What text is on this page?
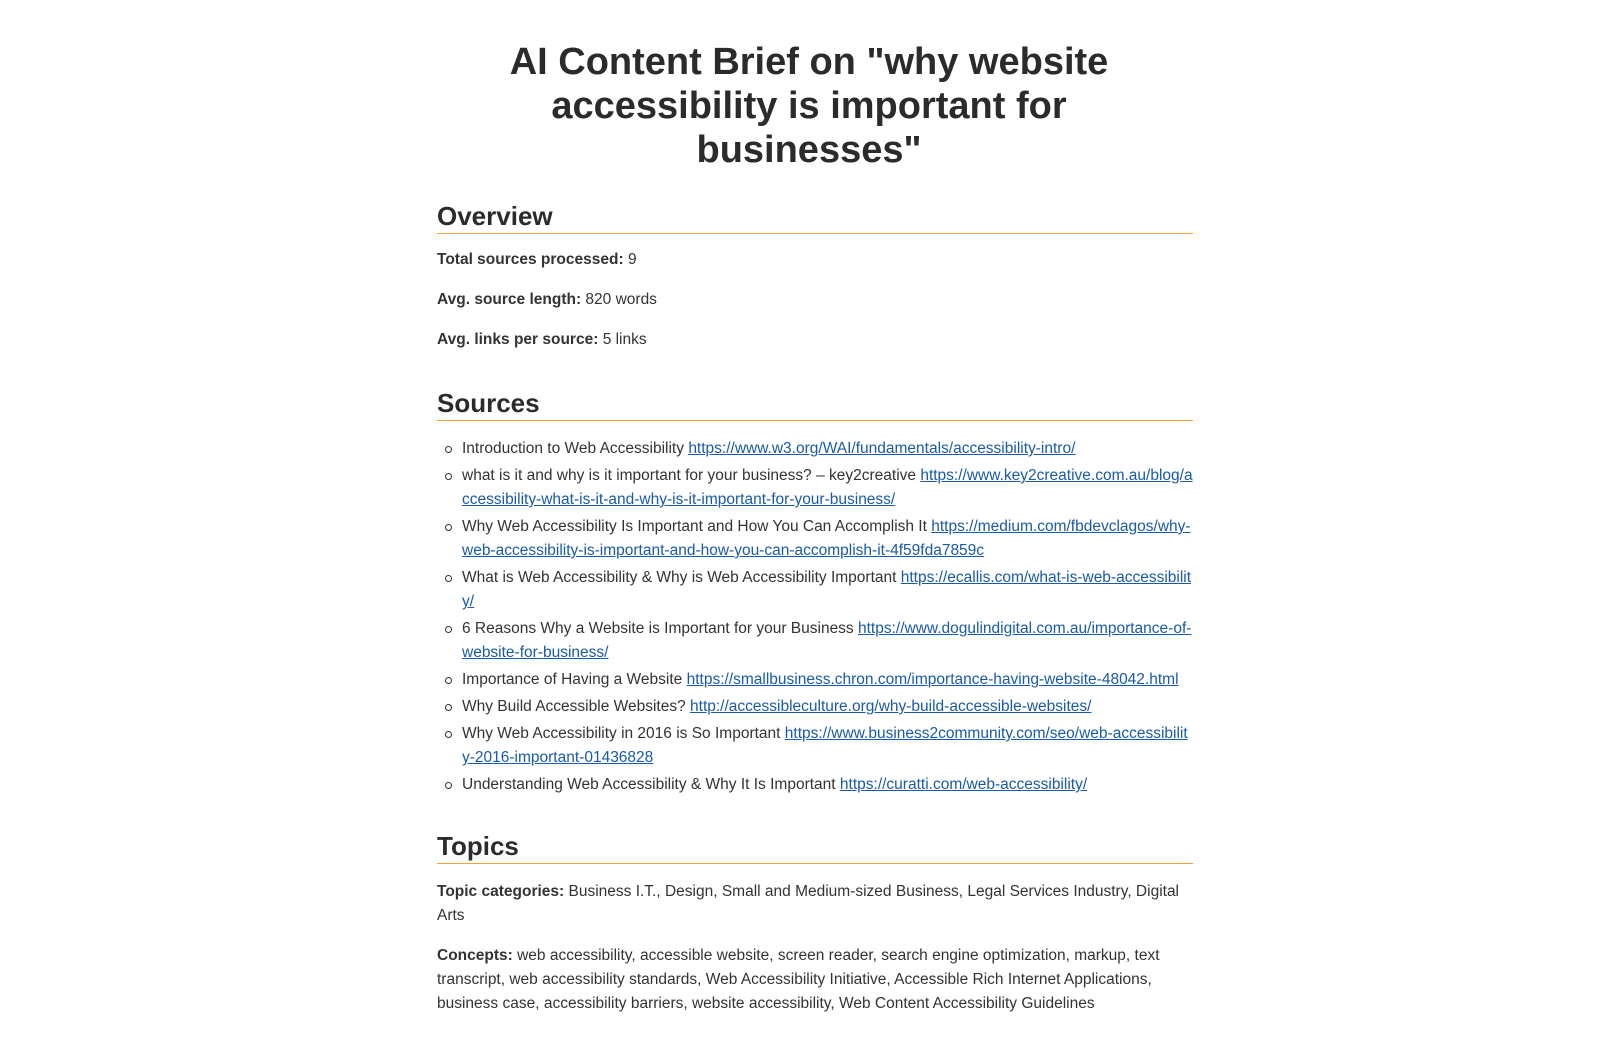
AI Content Brief on "why website accessibility is important for businesses"
Overview

Total sources processed: 9

Avg. source length: 820 words

Avg. links per source: 5 links

Sources
Introduction to Web Accessibility https://www.w3.org/WAI/fundamentals/accessibility-intro/
what is it and why is it important for your business? – key2creative https://www.key2creative.com.au/blog/accessibility-what-is-it-and-why-is-it-important-for-your-business/
Why Web Accessibility Is Important and How You Can Accomplish It https://medium.com/fbdevclagos/why-web-accessibility-is-important-and-how-you-can-accomplish-it-4f59fda7859c
What is Web Accessibility & Why is Web Accessibility Important https://ecallis.com/what-is-web-accessibility/
6 Reasons Why a Website is Important for your Business https://www.dogulindigital.com.au/importance-of-website-for-business/
Importance of Having a Website https://smallbusiness.chron.com/importance-having-website-48042.html
Why Build Accessible Websites? http://accessibleculture.org/why-build-accessible-websites/
Why Web Accessibility in 2016 is So Important https://www.business2community.com/seo/web-accessibility-2016-important-01436828
Understanding Web Accessibility & Why It Is Important https://curatti.com/web-accessibility/
Topics

Topic categories: Business I.T., Design, Small and Medium-sized Business, Legal Services Industry, Digital Arts

Concepts: web accessibility, accessible website, screen reader, search engine optimization, markup, text transcript, web accessibility standards, Web Accessibility Initiative, Accessible Rich Internet Applications, business case, accessibility barriers, website accessibility, Web Content Accessibility Guidelines
